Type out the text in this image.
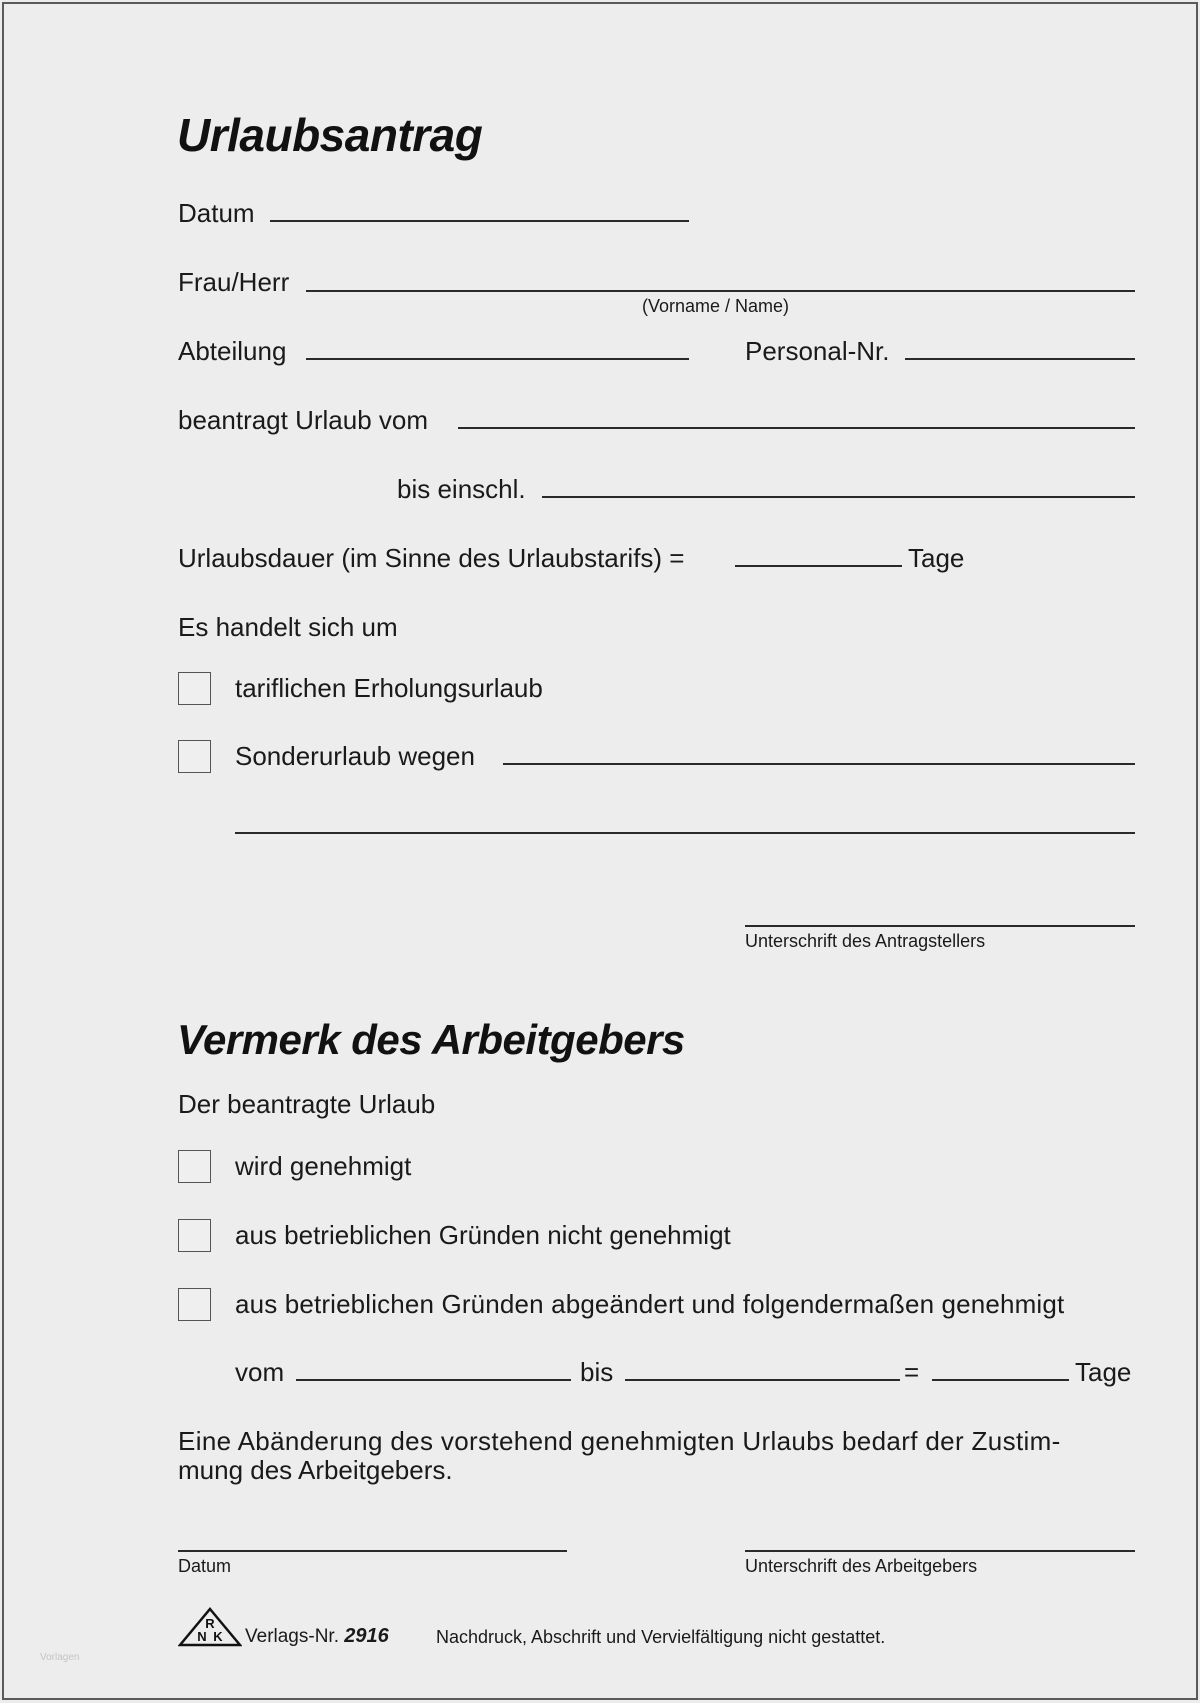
Urlaubsantrag
Datum
Frau/Herr
(Vorname / Name)
Abteilung	Personal-Nr.
beantragt Urlaub vom
bis einschl.
Urlaubsdauer (im Sinne des Urlaubstarifs) =	Tage
Es handelt sich um
tariflichen Erholungsurlaub
Sonderurlaub wegen
Unterschrift des Antragstellers
Vermerk des Arbeitgebers
Der beantragte Urlaub
wird genehmigt
aus betrieblichen Gründen nicht genehmigt
aus betrieblichen Gründen abgeändert und folgendermaßen genehmigt
vom	bis	=	Tage
Eine Abänderung des vorstehend genehmigten Urlaubs bedarf der Zustim-
mung des Arbeitgebers.
Datum	Unterschrift des Arbeitgebers
R
N K Verlags-Nr. 2916	Nachdruck, Abschrift und Vervielfältigung nicht gestattet.
Vorlagen
